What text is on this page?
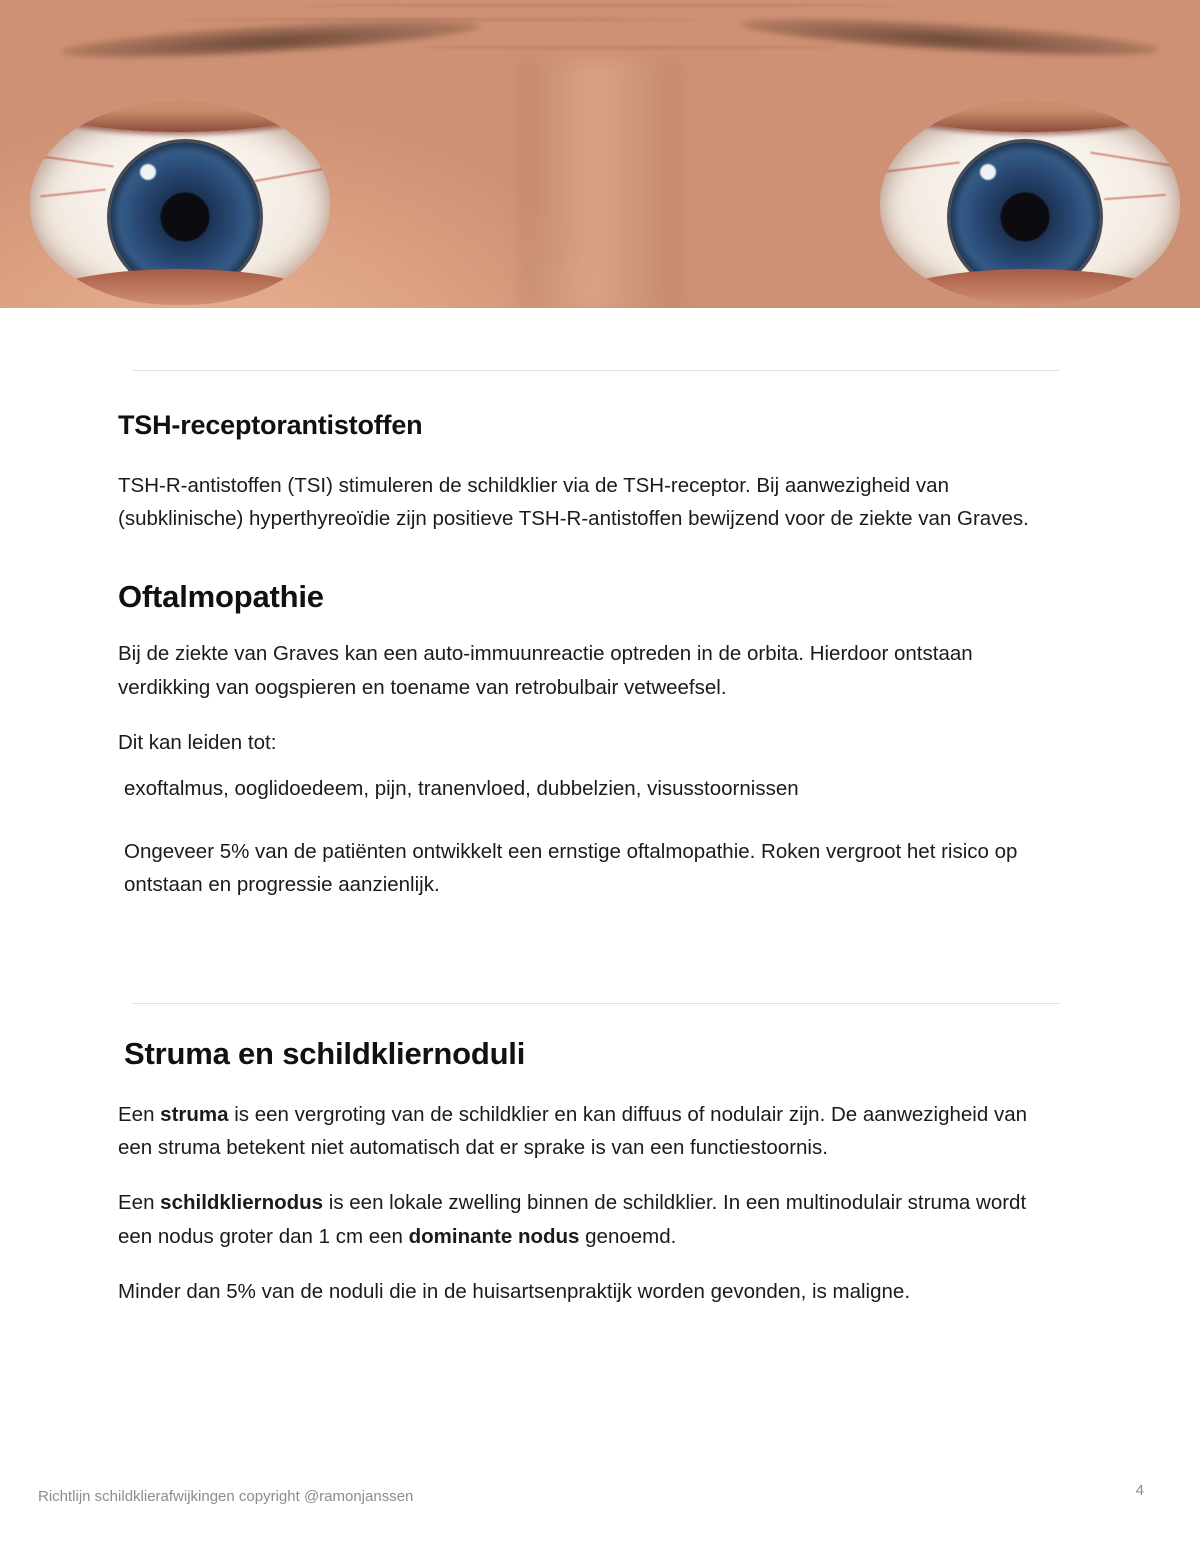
TSH-receptorantistoffen

TSH-R-antistoffen (TSI) stimuleren de schildklier via de TSH-receptor. Bij aanwezigheid van (subklinische) hyperthyreoïdie zijn positieve TSH-R-antistoffen bewijzend voor de ziekte van Graves.

Oftalmopathie

Bij de ziekte van Graves kan een auto-immuunreactie optreden in de orbita. Hierdoor ontstaan verdikking van oogspieren en toename van retrobulbair vetweefsel.

Dit kan leiden tot:

exoftalmus, ooglidoedeem, pijn, tranenvloed, dubbelzien, visusstoornissen
Ongeveer 5% van de patiënten ontwikkelt een ernstige oftalmopathie. Roken vergroot het risico op ontstaan en progressie aanzienlijk.
Struma en schildkliernoduli

Een struma is een vergroting van de schildklier en kan diffuus of nodulair zijn. De aanwezigheid van een struma betekent niet automatisch dat er sprake is van een functiestoornis.

Een schildkliernodus is een lokale zwelling binnen de schildklier. In een multinodulair struma wordt een nodus groter dan 1 cm een dominante nodus genoemd.

Minder dan 5% van de noduli die in de huisartsenpraktijk worden gevonden, is maligne.

Richtlijn schildklierafwijkingen copyright @ramonjanssen	4
